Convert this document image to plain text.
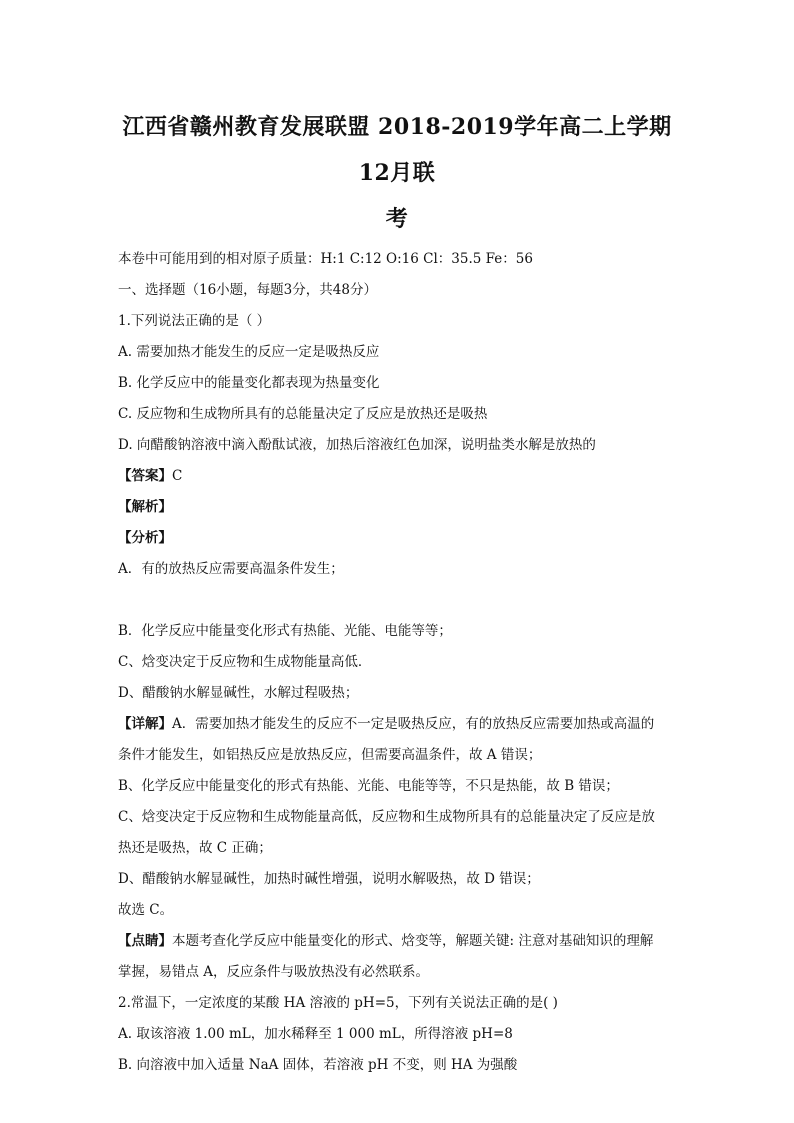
江西省赣州教育发展联盟 2018-2019学年高二上学期12月联
考
本卷中可能用到的相对原子质量：H:1 C:12 O:16 Cl：35.5 Fe：56
一、选择题（16小题，每题3分，共48分）
1.下列说法正确的是（ ）
A. 需要加热才能发生的反应一定是吸热反应
B. 化学反应中的能量变化都表现为热量变化
C. 反应物和生成物所具有的总能量决定了反应是放热还是吸热
D. 向醋酸钠溶液中滴入酚酞试液，加热后溶液红色加深，说明盐类水解是放热的
【答案】C
【解析】
【分析】
A．有的放热反应需要高温条件发生；
B．化学反应中能量变化形式有热能、光能、电能等等；
C、焓变决定于反应物和生成物能量高低．
D、醋酸钠水解显碱性，水解过程吸热；
【详解】A．需要加热才能发生的反应不一定是吸热反应，有的放热反应需要加热或高温的
条件才能发生，如铝热反应是放热反应，但需要高温条件，故 A 错误；
B、化学反应中能量变化的形式有热能、光能、电能等等，不只是热能，故 B 错误；
C、焓变决定于反应物和生成物能量高低，反应物和生成物所具有的总能量决定了反应是放
热还是吸热，故 C 正确；
D、醋酸钠水解显碱性，加热时碱性增强，说明水解吸热，故 D 错误；
故选 C。
【点睛】本题考查化学反应中能量变化的形式、焓变等，解题关键: 注意对基础知识的理解
掌握，易错点 A，反应条件与吸放热没有必然联系。
2.常温下，一定浓度的某酸 HA 溶液的 pH=5，下列有关说法正确的是( )
A. 取该溶液 1.00 mL，加水稀释至 1 000 mL，所得溶液 pH=8
B. 向溶液中加入适量 NaA 固体，若溶液 pH 不变，则 HA 为强酸
